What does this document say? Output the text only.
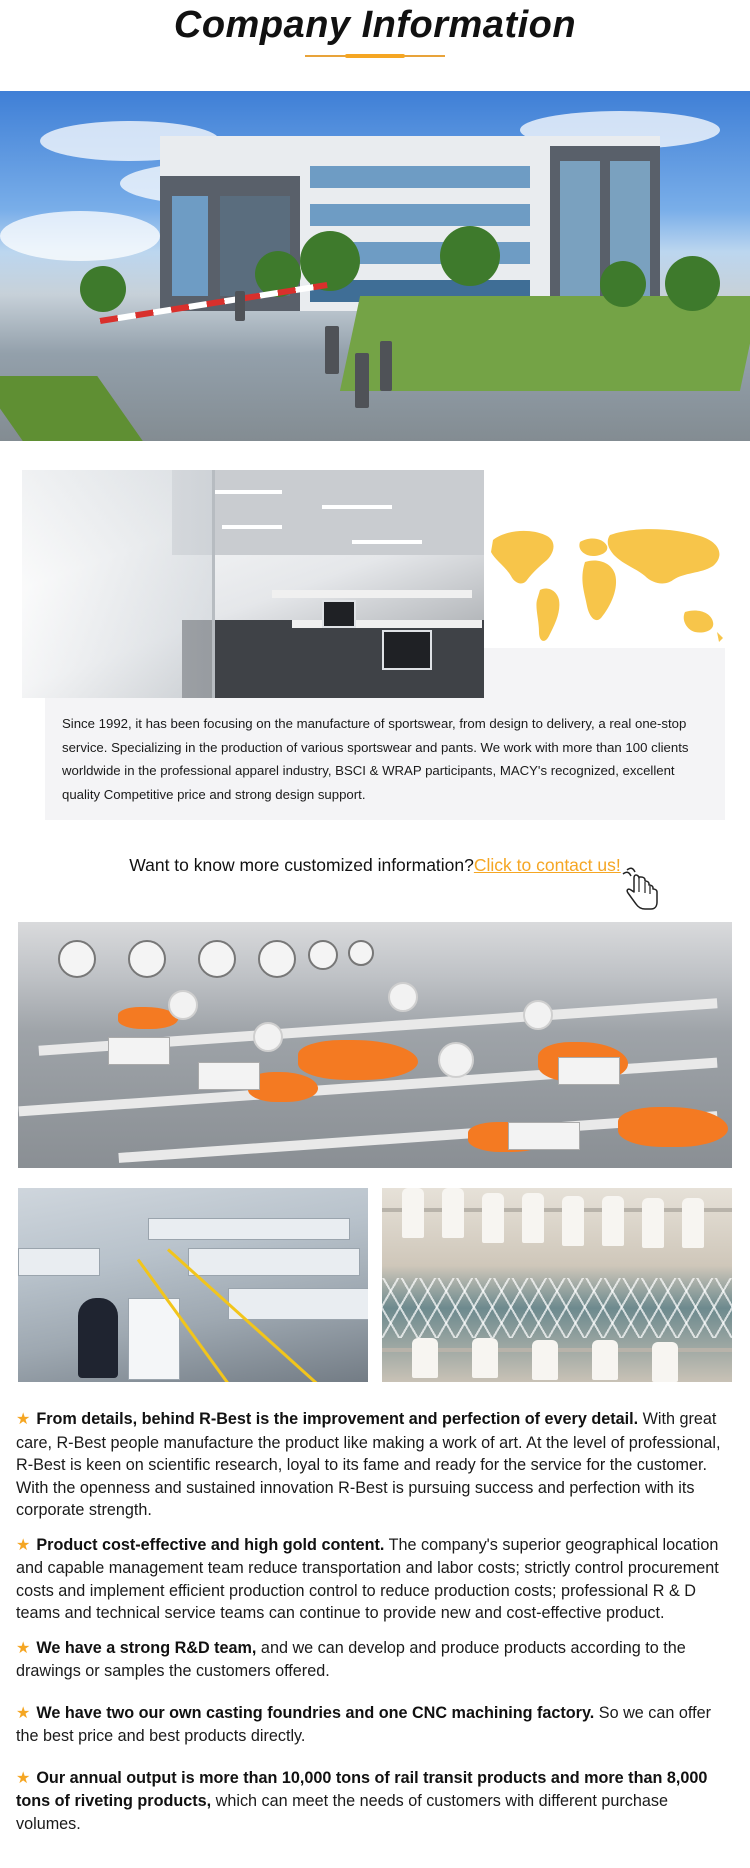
Company Information
Since 1992, it has been focusing on the manufacture of sportswear, from design to delivery, a real one-stop service. Specializing in the production of various sportswear and pants. We work with more than 100 clients worldwide in the professional apparel industry, BSCI & WRAP participants, MACY's recognized, excellent quality Competitive price and strong design support.
Want to know more customized information?Click to contact us!

★ From details, behind R-Best is the improvement and perfection of every detail. With great care, R-Best people manufacture the product like making a work of art. At the level of professional, R-Best is keen on scientific research, loyal to its fame and ready for the service for the customer. With the openness and sustained innovation R-Best is pursuing success and perfection with its corporate strength.

★ Product cost-effective and high gold content. The company's superior geographical location and capable management team reduce transportation and labor costs; strictly control procurement costs and implement efficient production control to reduce production costs; professional R & D teams and technical service teams can continue to provide new and cost-effective product.

★ We have a strong R&D team, and we can develop and produce products according to the drawings or samples the customers offered.

★ We have two our own casting foundries and one CNC machining factory. So we can offer the best price and best products directly.

★ Our annual output is more than 10,000 tons of rail transit products and more than 8,000 tons of riveting products, which can meet the needs of customers with different purchase volumes.
